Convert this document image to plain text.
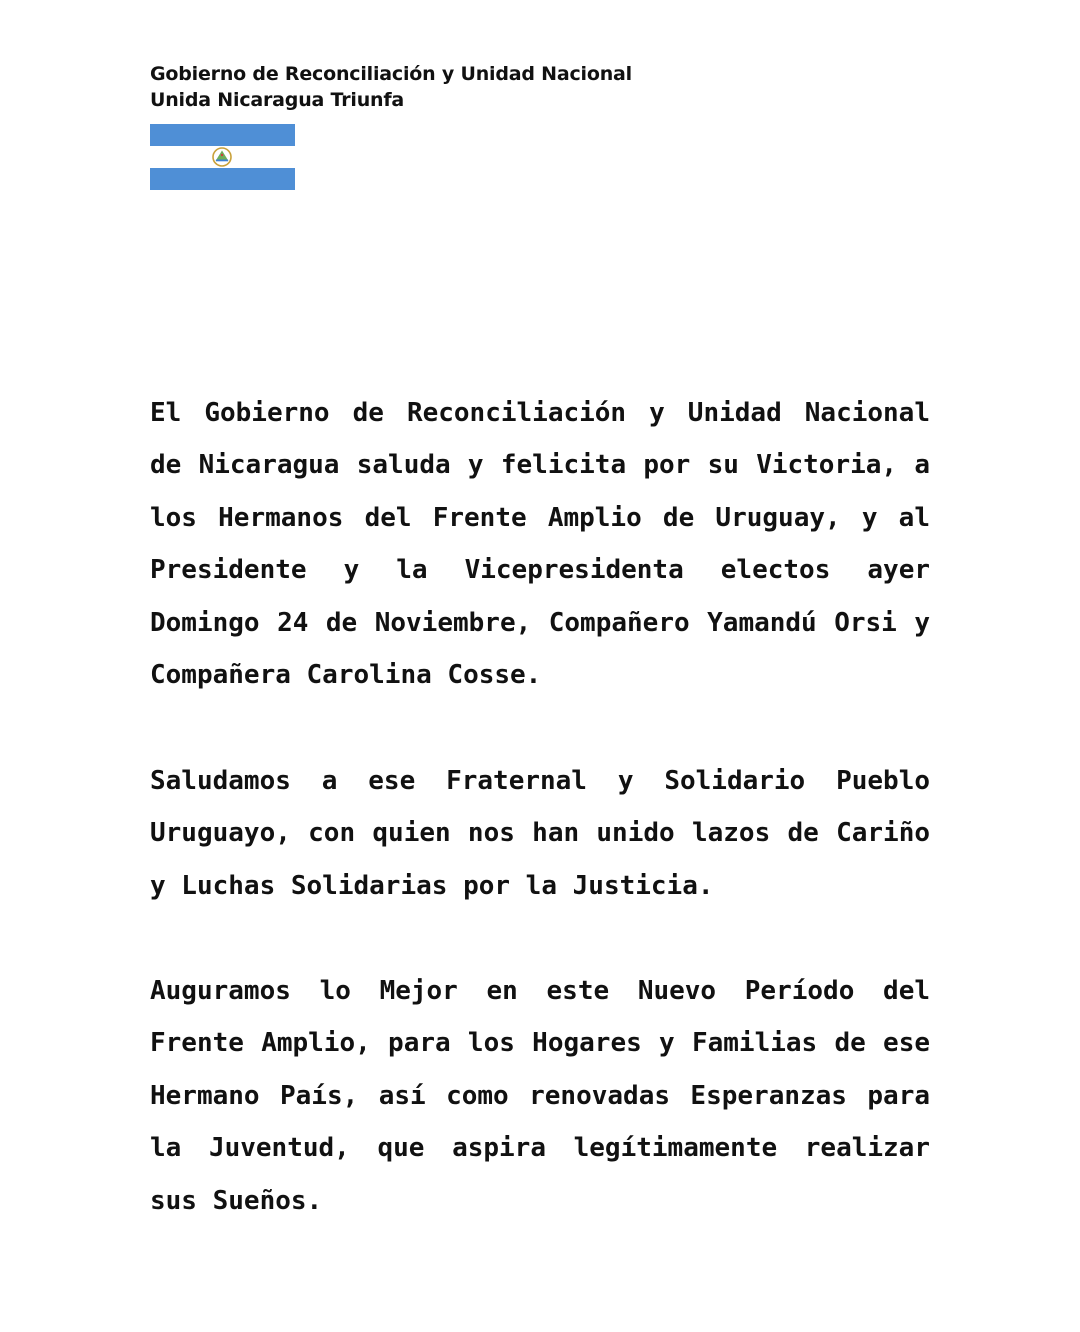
Gobierno de Reconciliación y Unidad Nacional
Unida Nicaragua Triunfa

El Gobierno de Reconciliación y Unidad Nacional de Nicaragua saluda y felicita por su Victoria, a los Hermanos del Frente Amplio de Uruguay, y al Presidente y la Vicepresidenta electos ayer Domingo 24 de Noviembre, Compañero Yamandú Orsi y Compañera Carolina Cosse.

Saludamos a ese Fraternal y Solidario Pueblo Uruguayo, con quien nos han unido lazos de Cariño y Luchas Solidarias por la Justicia.

Auguramos lo Mejor en este Nuevo Período del Frente Amplio, para los Hogares y Familias de ese Hermano País, así como renovadas Esperanzas para la Juventud, que aspira legítimamente realizar sus Sueños.
